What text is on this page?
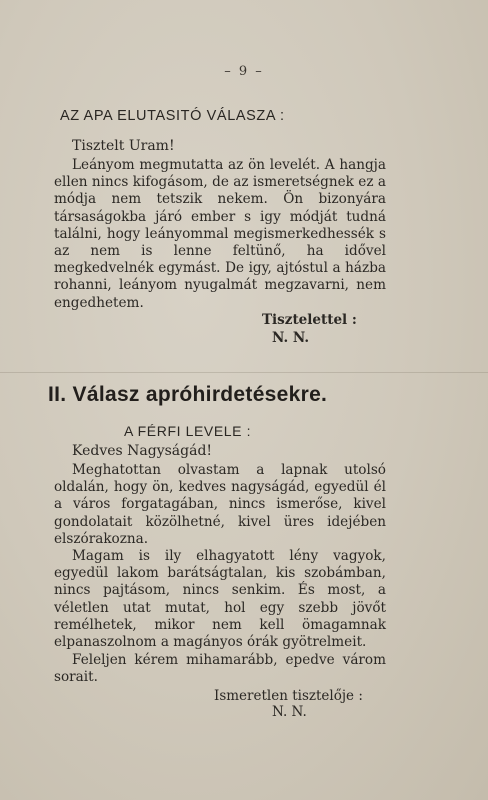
– 9 –
AZ APA ELUTASITÓ VÁLASZA :
Tisztelt Uram!

Leányom megmutatta az ön levelét. A hangja ellen nincs kifogásom, de az ismeretségnek ez a módja nem tetszik nekem. Ön bizonyára társaságokba járó ember s igy módját tudná találni, hogy leányommal megismerkedhessék s az nem is lenne feltünő, ha idővel megkedvelnék egymást. De igy, ajtóstul a házba rohanni, leányom nyugalmát megzavarni, nem engedhetem.

Tisztelettel :
N. N.
II. Válasz apróhirdetésekre.
A FÉRFI LEVELE :
Kedves Nagyságád!

Meghatottan olvastam a lapnak utolsó oldalán, hogy ön, kedves nagyságád, egyedül él a város forgatagában, nincs ismerőse, kivel gondolatait közölhetné, kivel üres idejében elszórakozna.

Magam is ily elhagyatott lény vagyok, egyedül lakom barátságtalan, kis szobámban, nincs pajtásom, nincs senkim. És most, a véletlen utat mutat, hol egy szebb jövőt remélhetek, mikor nem kell ömagamnak elpanaszolnom a magányos órák gyötrelmeit.

Feleljen kérem mihamarább, epedve várom sorait.

Ismeretlen tisztelője :
N. N.
